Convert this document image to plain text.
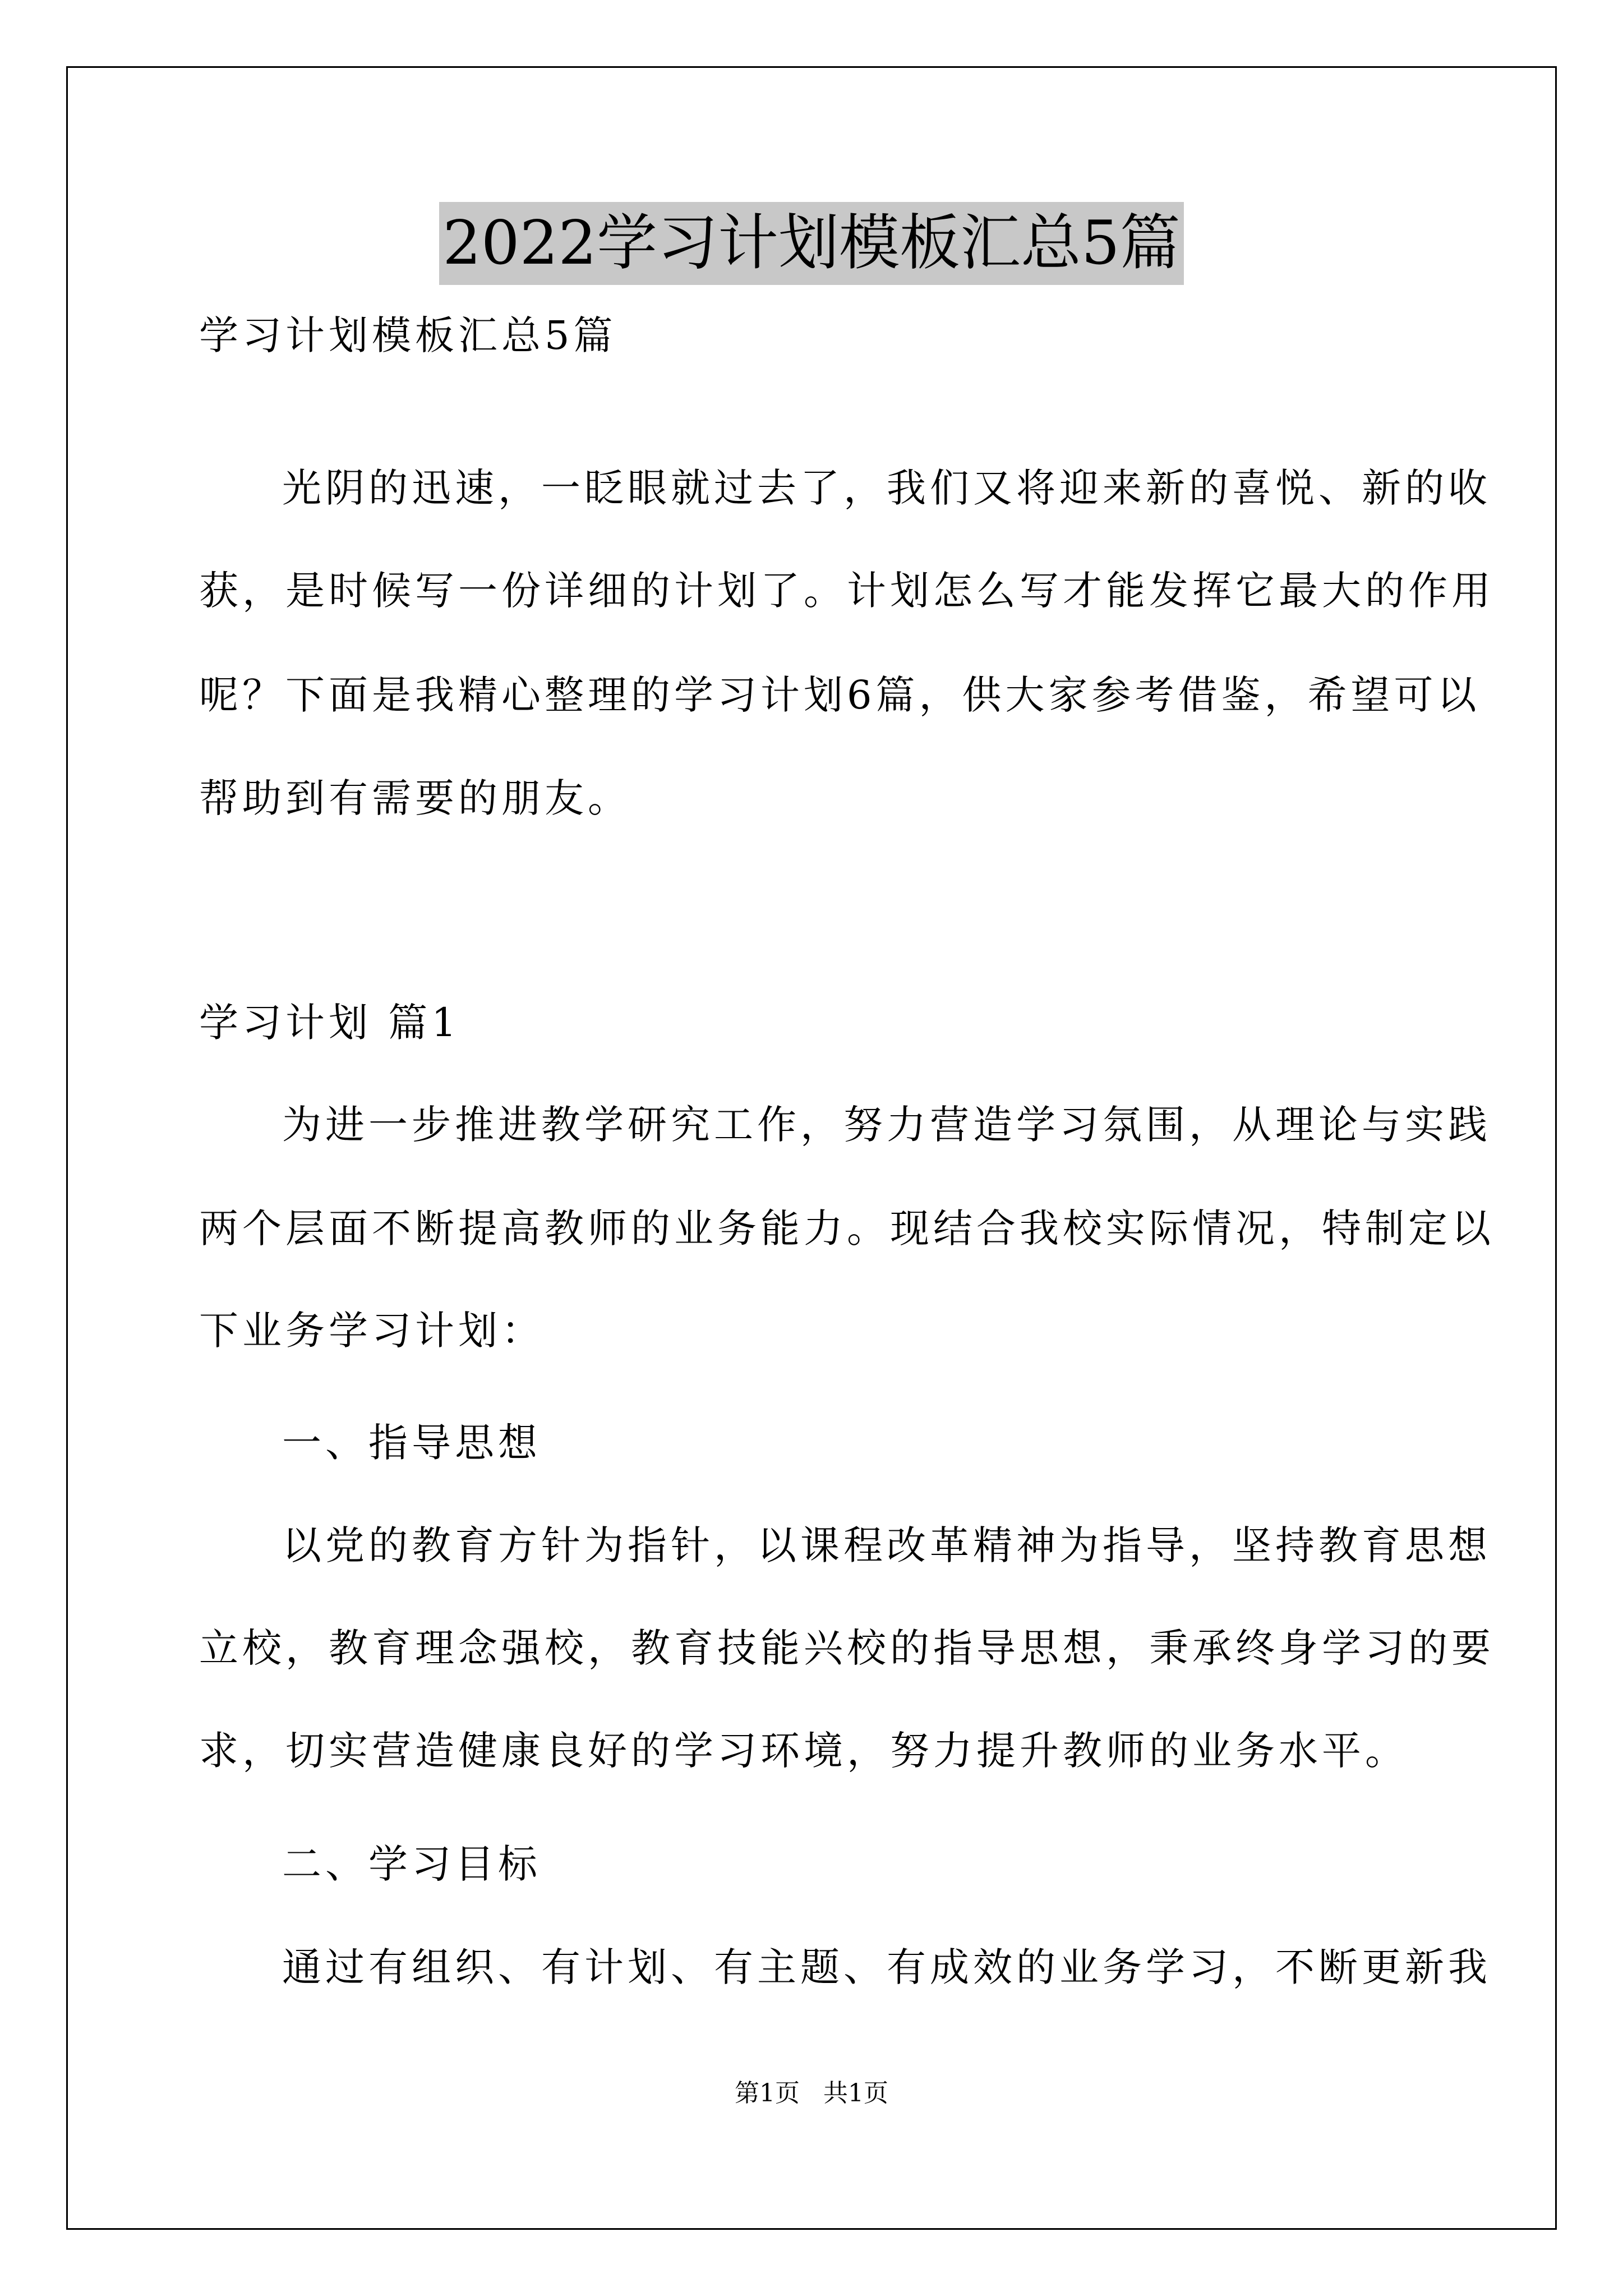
2022学习计划模板汇总5篇
学习计划模板汇总5篇
光阴的迅速，一眨眼就过去了，我们又将迎来新的喜悦、新的收
获，是时候写一份详细的计划了。计划怎么写才能发挥它最大的作用
呢？下面是我精心整理的学习计划6篇，供大家参考借鉴，希望可以
帮助到有需要的朋友。
学习计划 篇1
为进一步推进教学研究工作，努力营造学习氛围，从理论与实践
两个层面不断提高教师的业务能力。现结合我校实际情况，特制定以
下业务学习计划：
一、指导思想
以党的教育方针为指针，以课程改革精神为指导，坚持教育思想
立校，教育理念强校，教育技能兴校的指导思想，秉承终身学习的要
求，切实营造健康良好的学习环境，努力提升教师的业务水平。
二、学习目标
通过有组织、有计划、有主题、有成效的业务学习，不断更新我
第1页   共1页
